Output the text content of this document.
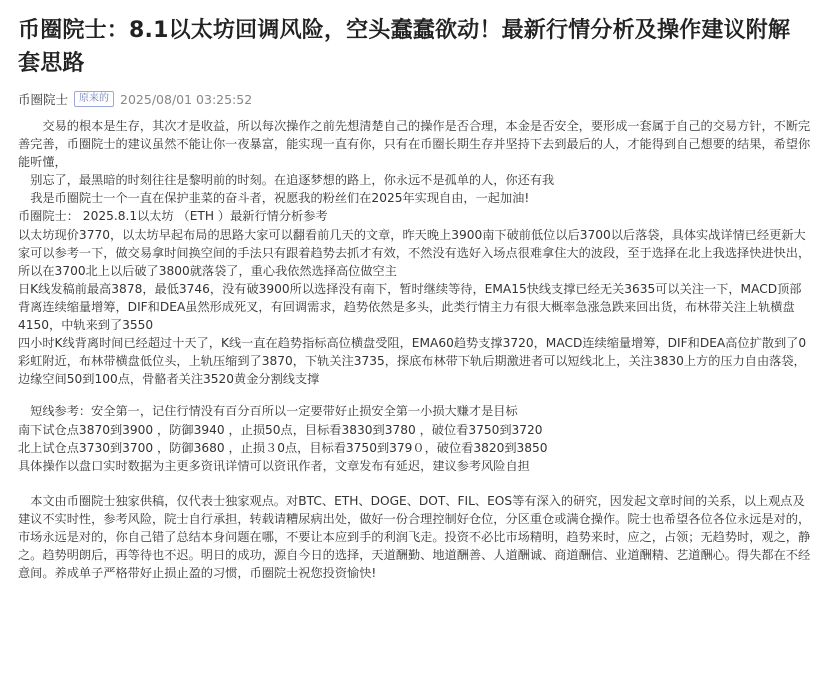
币圈院士：8.1以太坊回调风险，空头蠢蠢欲动！最新行情分析及操作建议附解套思路
币圈院士	原来的 2025/08/01 03:25:52

交易的根本是生存，其次才是收益，所以每次操作之前先想清楚自己的操作是否合理，本金是否安全，要形成一套属于自己的交易方针，不断完善完善，币圈院士的建议虽然不能让你一夜暴富，能实现一直有你，只有在币圈长期生存并坚持下去到最后的人，才能得到自己想要的结果，希望你能听懂，

别忘了，最黑暗的时刻往往是黎明前的时刻。在追逐梦想的路上，你永远不是孤单的人，你还有我

我是币圈院士一个一直在保护韭菜的奋斗者，祝愿我的粉丝们在2025年实现自由，一起加油!

币圈院士： 2025.8.1以太坊 （ETH ）最新行情分析参考

以太坊现价3770，以太坊早起布局的思路大家可以翻看前几天的文章，昨天晚上3900南下破前低位以后3700以后落袋，具体实战详情已经更新大家可以参考一下，做交易拿时间换空间的手法只有跟着趋势去抓才有效，不然没有选好入场点很难拿住大的波段，至于选择在北上我选择快进快出，所以在3700北上以后破了3800就落袋了，重心我依然选择高位做空主

日K线发稿前最高3878，最低3746，没有破3900所以选择没有南下，暂时继续等待，EMA15快线支撑已经无关3635可以关注一下，MACD顶部背离连续缩量增筹，DIF和DEA虽然形成死叉，有回调需求，趋势依然是多头，此类行情主力有很大概率急涨急跌来回出货，布林带关注上轨横盘4150，中轨来到了3550

四小时K线背离时间已经超过十天了，K线一直在趋势指标高位横盘受阻，EMA60趋势支撑3720，MACD连续缩量增筹，DIF和DEA高位扩散到了0彩虹附近，布林带横盘低位头，上轨压缩到了3870，下轨关注3735，探底布林带下轨后期激进者可以短线北上，关注3830上方的压力自由落袋，边缘空间50到100点，骨骼者关注3520黄金分割线支撑

短线参考：安全第一，记住行情没有百分百所以一定要带好止损安全第一小损大赚才是目标

南下试仓点3870到3900 ，防御3940 ，止损50点，目标看3830到3780 ，破位看3750到3720

北上试仓点3730到3700 ，防御3680 ，止损３0点，目标看3750到379０，破位看3820到3850

具体操作以盘口实时数据为主更多资讯详情可以资讯作者，文章发布有延迟，建议参考风险自担

本文由币圈院士独家供稿，仅代表士独家观点。对BTC、ETH、DOGE、DOT、FIL、EOS等有深入的研究，因发起文章时间的关系，以上观点及建议不实时性，参考风险，院士自行承担，转载请糟尿病出处，做好一份合理控制好仓位，分区重仓或满仓操作。院士也希望各位各位永远是对的，市场永远是对的，你自己错了总结本身问题在哪，不要让本应到手的利润飞走。投资不必比市场精明，趋势来时，应之，占领；无趋势时，观之，静之。趋势明朗后，再等待也不迟。明日的成功，源自今日的选择，天道酬勤、地道酬善、人道酬诚、商道酬信、业道酬精、艺道酬心。得失都在不经意间。养成单子严格带好止损止盈的习惯，币圈院士祝您投资愉快!
